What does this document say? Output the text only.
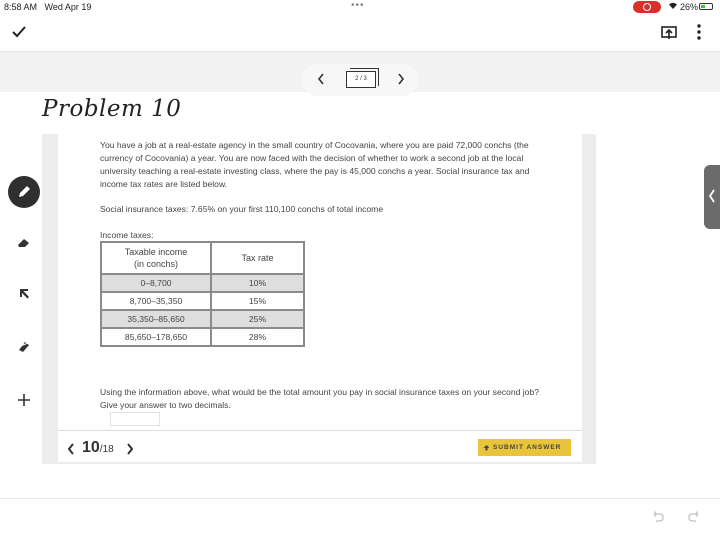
8:58 AM Wed Apr 19	•••	26%
2 / 3
Problem 10

You have a job at a real-estate agency in the small country of Cocovania, where you are paid 72,000 conchs (the currency of Cocovania) a year. You are now faced with the decision of whether to work a second job at the local university teaching a real-estate investing class, where the pay is 45,000 conchs a year. Social insurance tax and income tax rates are listed below.

Social insurance taxes: 7.65% on your first 110,100 conchs of total income

Income taxes:

Taxable income
(in conchs)	Tax rate
0–8,700	10%
8,700–35,350	15%
35,350–85,650	25%
85,650–178,650	28%

Using the information above, what would be the total amount you pay in social insurance taxes on your second job? Give your answer to two decimals.

10/18	SUBMIT ANSWER
